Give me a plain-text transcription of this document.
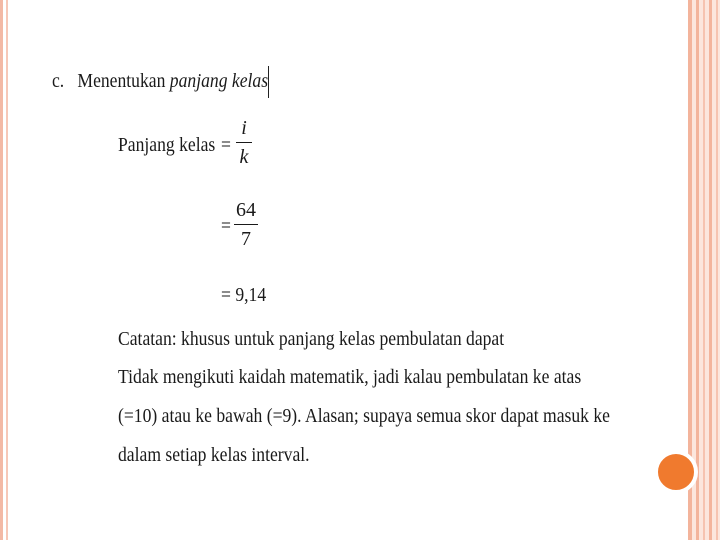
c. Menentukan panjang kelas
Panjang kelas =
i
k
=
64
7
= 9,14
Catatan: khusus untuk panjang kelas pembulatan dapat
Tidak mengikuti kaidah matematik, jadi kalau pembulatan ke atas
(=10) atau ke bawah (=9). Alasan; supaya semua skor dapat masuk ke
dalam setiap kelas interval.
